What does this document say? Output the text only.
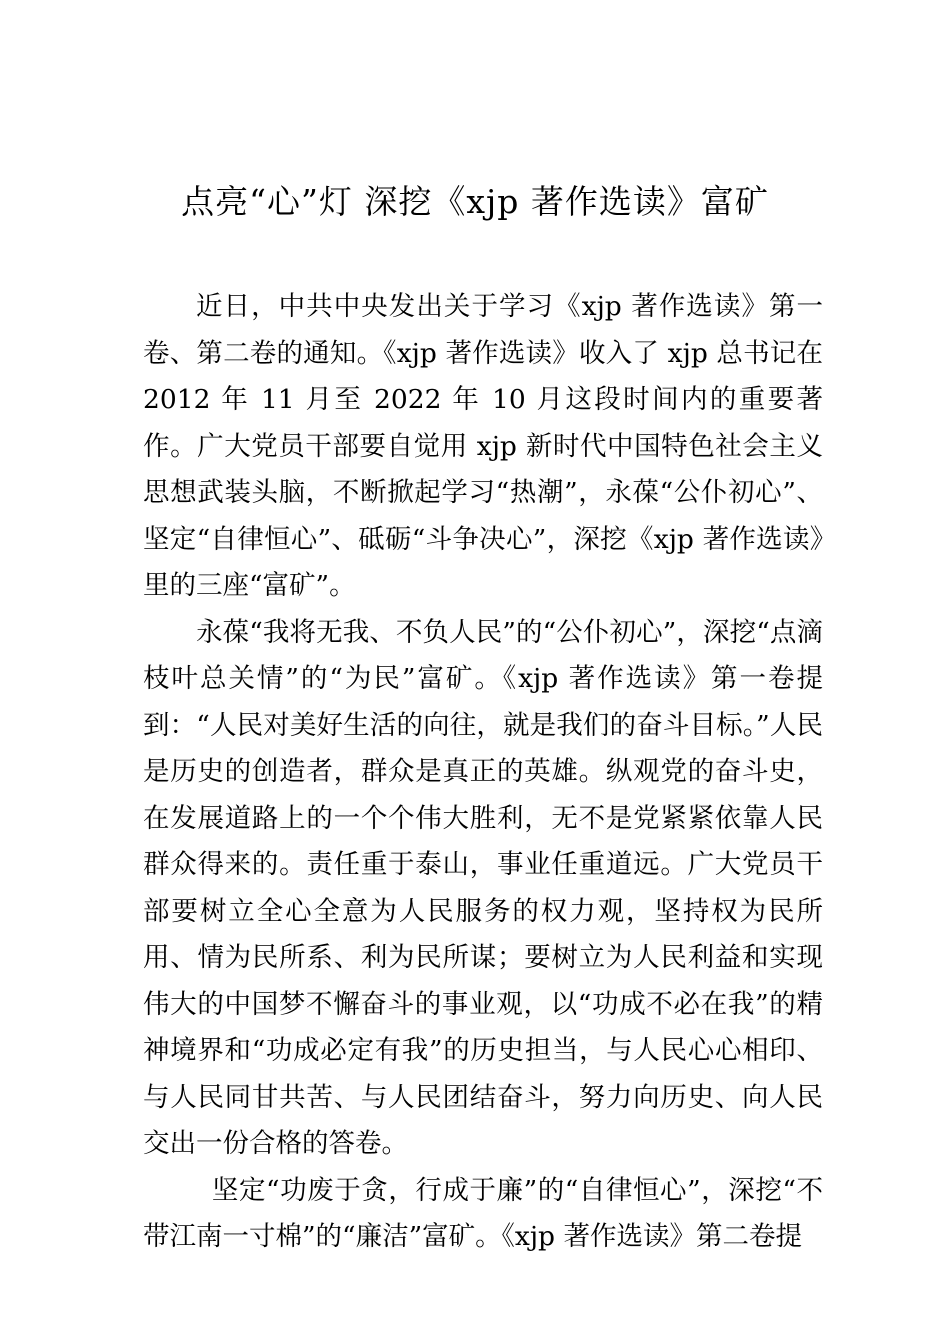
点亮“心”灯 深挖《xjp 著作选读》富矿

近日，中共中央发出关于学习《xjp 著作选读》第一卷、第二卷的通知。《xjp 著作选读》收入了 xjp 总书记在 2012 年 11 月至 2022 年 10 月这段时间内的重要著作。广大党员干部要自觉用 xjp 新时代中国特色社会主义思想武装头脑，不断掀起学习“热潮”，永葆“公仆初心”、坚定“自律恒心”、砥砺“斗争决心”，深挖《xjp 著作选读》里的三座“富矿”。

永葆“我将无我、不负人民”的“公仆初心”，深挖“点滴枝叶总关情”的“为民”富矿。《xjp 著作选读》第一卷提到：“人民对美好生活的向往，就是我们的奋斗目标。”人民是历史的创造者，群众是真正的英雄。纵观党的奋斗史，在发展道路上的一个个伟大胜利，无不是党紧紧依靠人民群众得来的。责任重于泰山，事业任重道远。广大党员干部要树立全心全意为人民服务的权力观，坚持权为民所用、情为民所系、利为民所谋；要树立为人民利益和实现伟大的中国梦不懈奋斗的事业观，以“功成不必在我”的精神境界和“功成必定有我”的历史担当，与人民心心相印、与人民同甘共苦、与人民团结奋斗，努力向历史、向人民交出一份合格的答卷。

坚定“功废于贪，行成于廉”的“自律恒心”，深挖“不带江南一寸棉”的“廉洁”富矿。《xjp 著作选读》第二卷提
